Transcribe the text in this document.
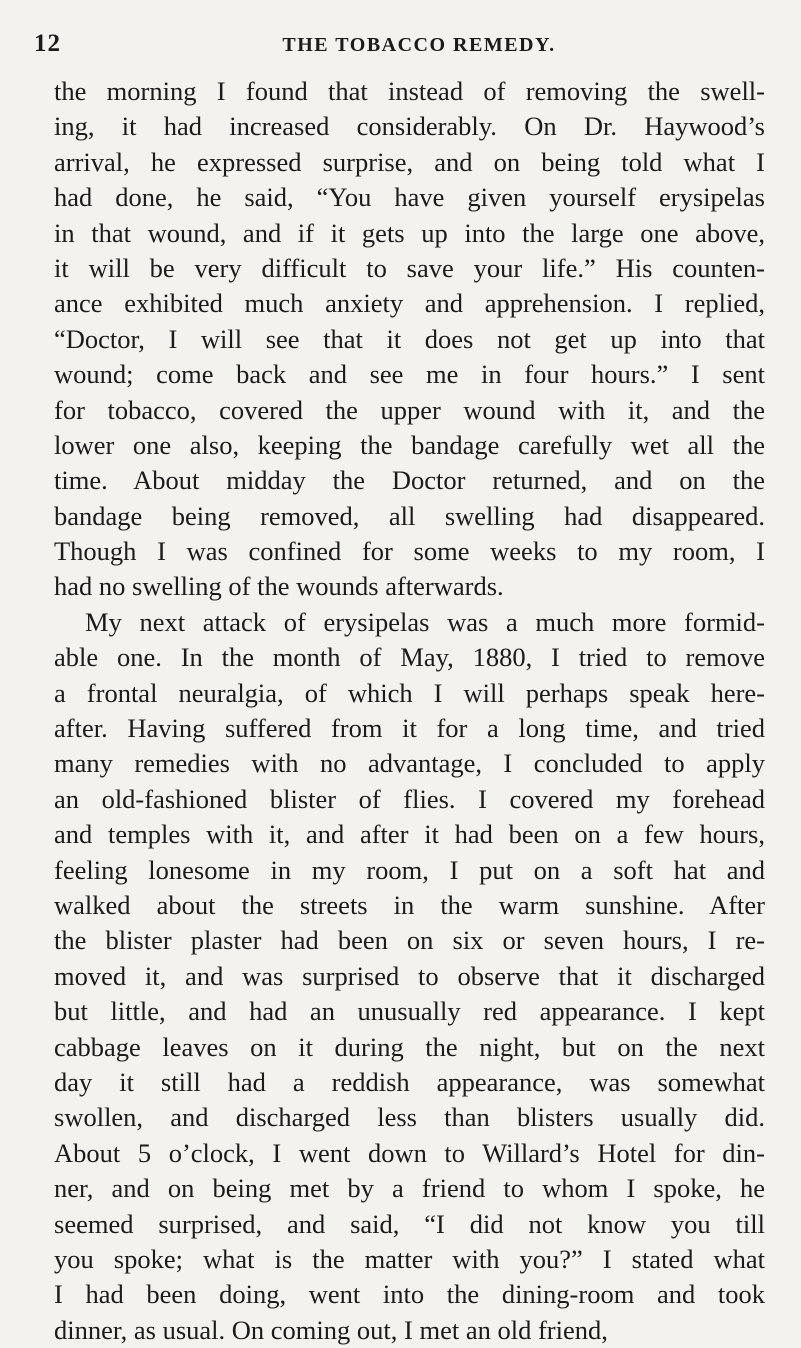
12	THE TOBACCO REMEDY.
the morning I found that instead of removing the swell-
ing, it had increased considerably. On Dr. Haywood’s
arrival, he expressed surprise, and on being told what I
had done, he said, “You have given yourself erysipelas
in that wound, and if it gets up into the large one above,
it will be very difficult to save your life.” His counten-
ance exhibited much anxiety and apprehension. I replied,
“Doctor, I will see that it does not get up into that
wound; come back and see me in four hours.” I sent
for tobacco, covered the upper wound with it, and the
lower one also, keeping the bandage carefully wet all the
time. About midday the Doctor returned, and on the
bandage being removed, all swelling had disappeared.
Though I was confined for some weeks to my room, I
had no swelling of the wounds afterwards.
My next attack of erysipelas was a much more formid-
able one. In the month of May, 1880, I tried to remove
a frontal neuralgia, of which I will perhaps speak here-
after. Having suffered from it for a long time, and tried
many remedies with no advantage, I concluded to apply
an old-fashioned blister of flies. I covered my forehead
and temples with it, and after it had been on a few hours,
feeling lonesome in my room, I put on a soft hat and
walked about the streets in the warm sunshine. After
the blister plaster had been on six or seven hours, I re-
moved it, and was surprised to observe that it discharged
but little, and had an unusually red appearance. I kept
cabbage leaves on it during the night, but on the next
day it still had a reddish appearance, was somewhat
swollen, and discharged less than blisters usually did.
About 5 o’clock, I went down to Willard’s Hotel for din-
ner, and on being met by a friend to whom I spoke, he
seemed surprised, and said, “I did not know you till
you spoke; what is the matter with you?” I stated what
I had been doing, went into the dining-room and took
dinner, as usual. On coming out, I met an old friend,
